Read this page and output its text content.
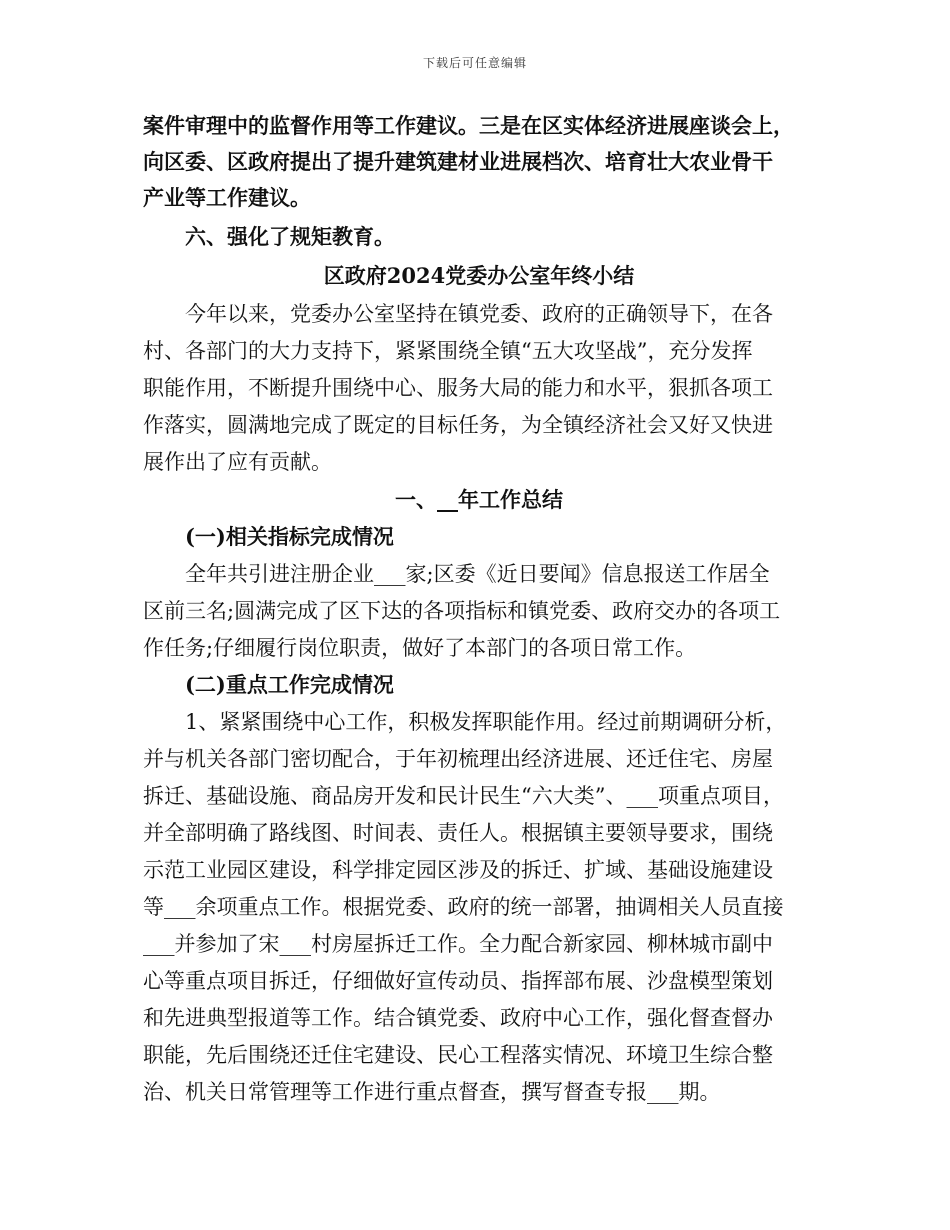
下载后可任意编辑
案件审理中的监督作用等工作建议。三是在区实体经济进展座谈会上，
向区委、区政府提出了提升建筑建材业进展档次、培育壮大农业骨干
产业等工作建议。
六、强化了规矩教育。
区政府2024党委办公室年终小结
今年以来，党委办公室坚持在镇党委、政府的正确领导下，在各
村、各部门的大力支持下，紧紧围绕全镇“五大攻坚战”，充分发挥
职能作用，不断提升围绕中心、服务大局的能力和水平，狠抓各项工
作落实，圆满地完成了既定的目标任务，为全镇经济社会又好又快进
展作出了应有贡献。
一、__年工作总结
(一)相关指标完成情况
全年共引进注册企业___家;区委《近日要闻》信息报送工作居全
区前三名;圆满完成了区下达的各项指标和镇党委、政府交办的各项工
作任务;仔细履行岗位职责，做好了本部门的各项日常工作。
(二)重点工作完成情况
1、紧紧围绕中心工作，积极发挥职能作用。经过前期调研分析，
并与机关各部门密切配合，于年初梳理出经济进展、还迁住宅、房屋
拆迁、基础设施、商品房开发和民计民生“六大类”、___项重点项目，
并全部明确了路线图、时间表、责任人。根据镇主要领导要求，围绕
示范工业园区建设，科学排定园区涉及的拆迁、扩域、基础设施建设
等___余项重点工作。根据党委、政府的统一部署，抽调相关人员直接
___并参加了宋___村房屋拆迁工作。全力配合新家园、柳林城市副中
心等重点项目拆迁，仔细做好宣传动员、指挥部布展、沙盘模型策划
和先进典型报道等工作。结合镇党委、政府中心工作，强化督查督办
职能，先后围绕还迁住宅建设、民心工程落实情况、环境卫生综合整
治、机关日常管理等工作进行重点督查，撰写督查专报___期。
